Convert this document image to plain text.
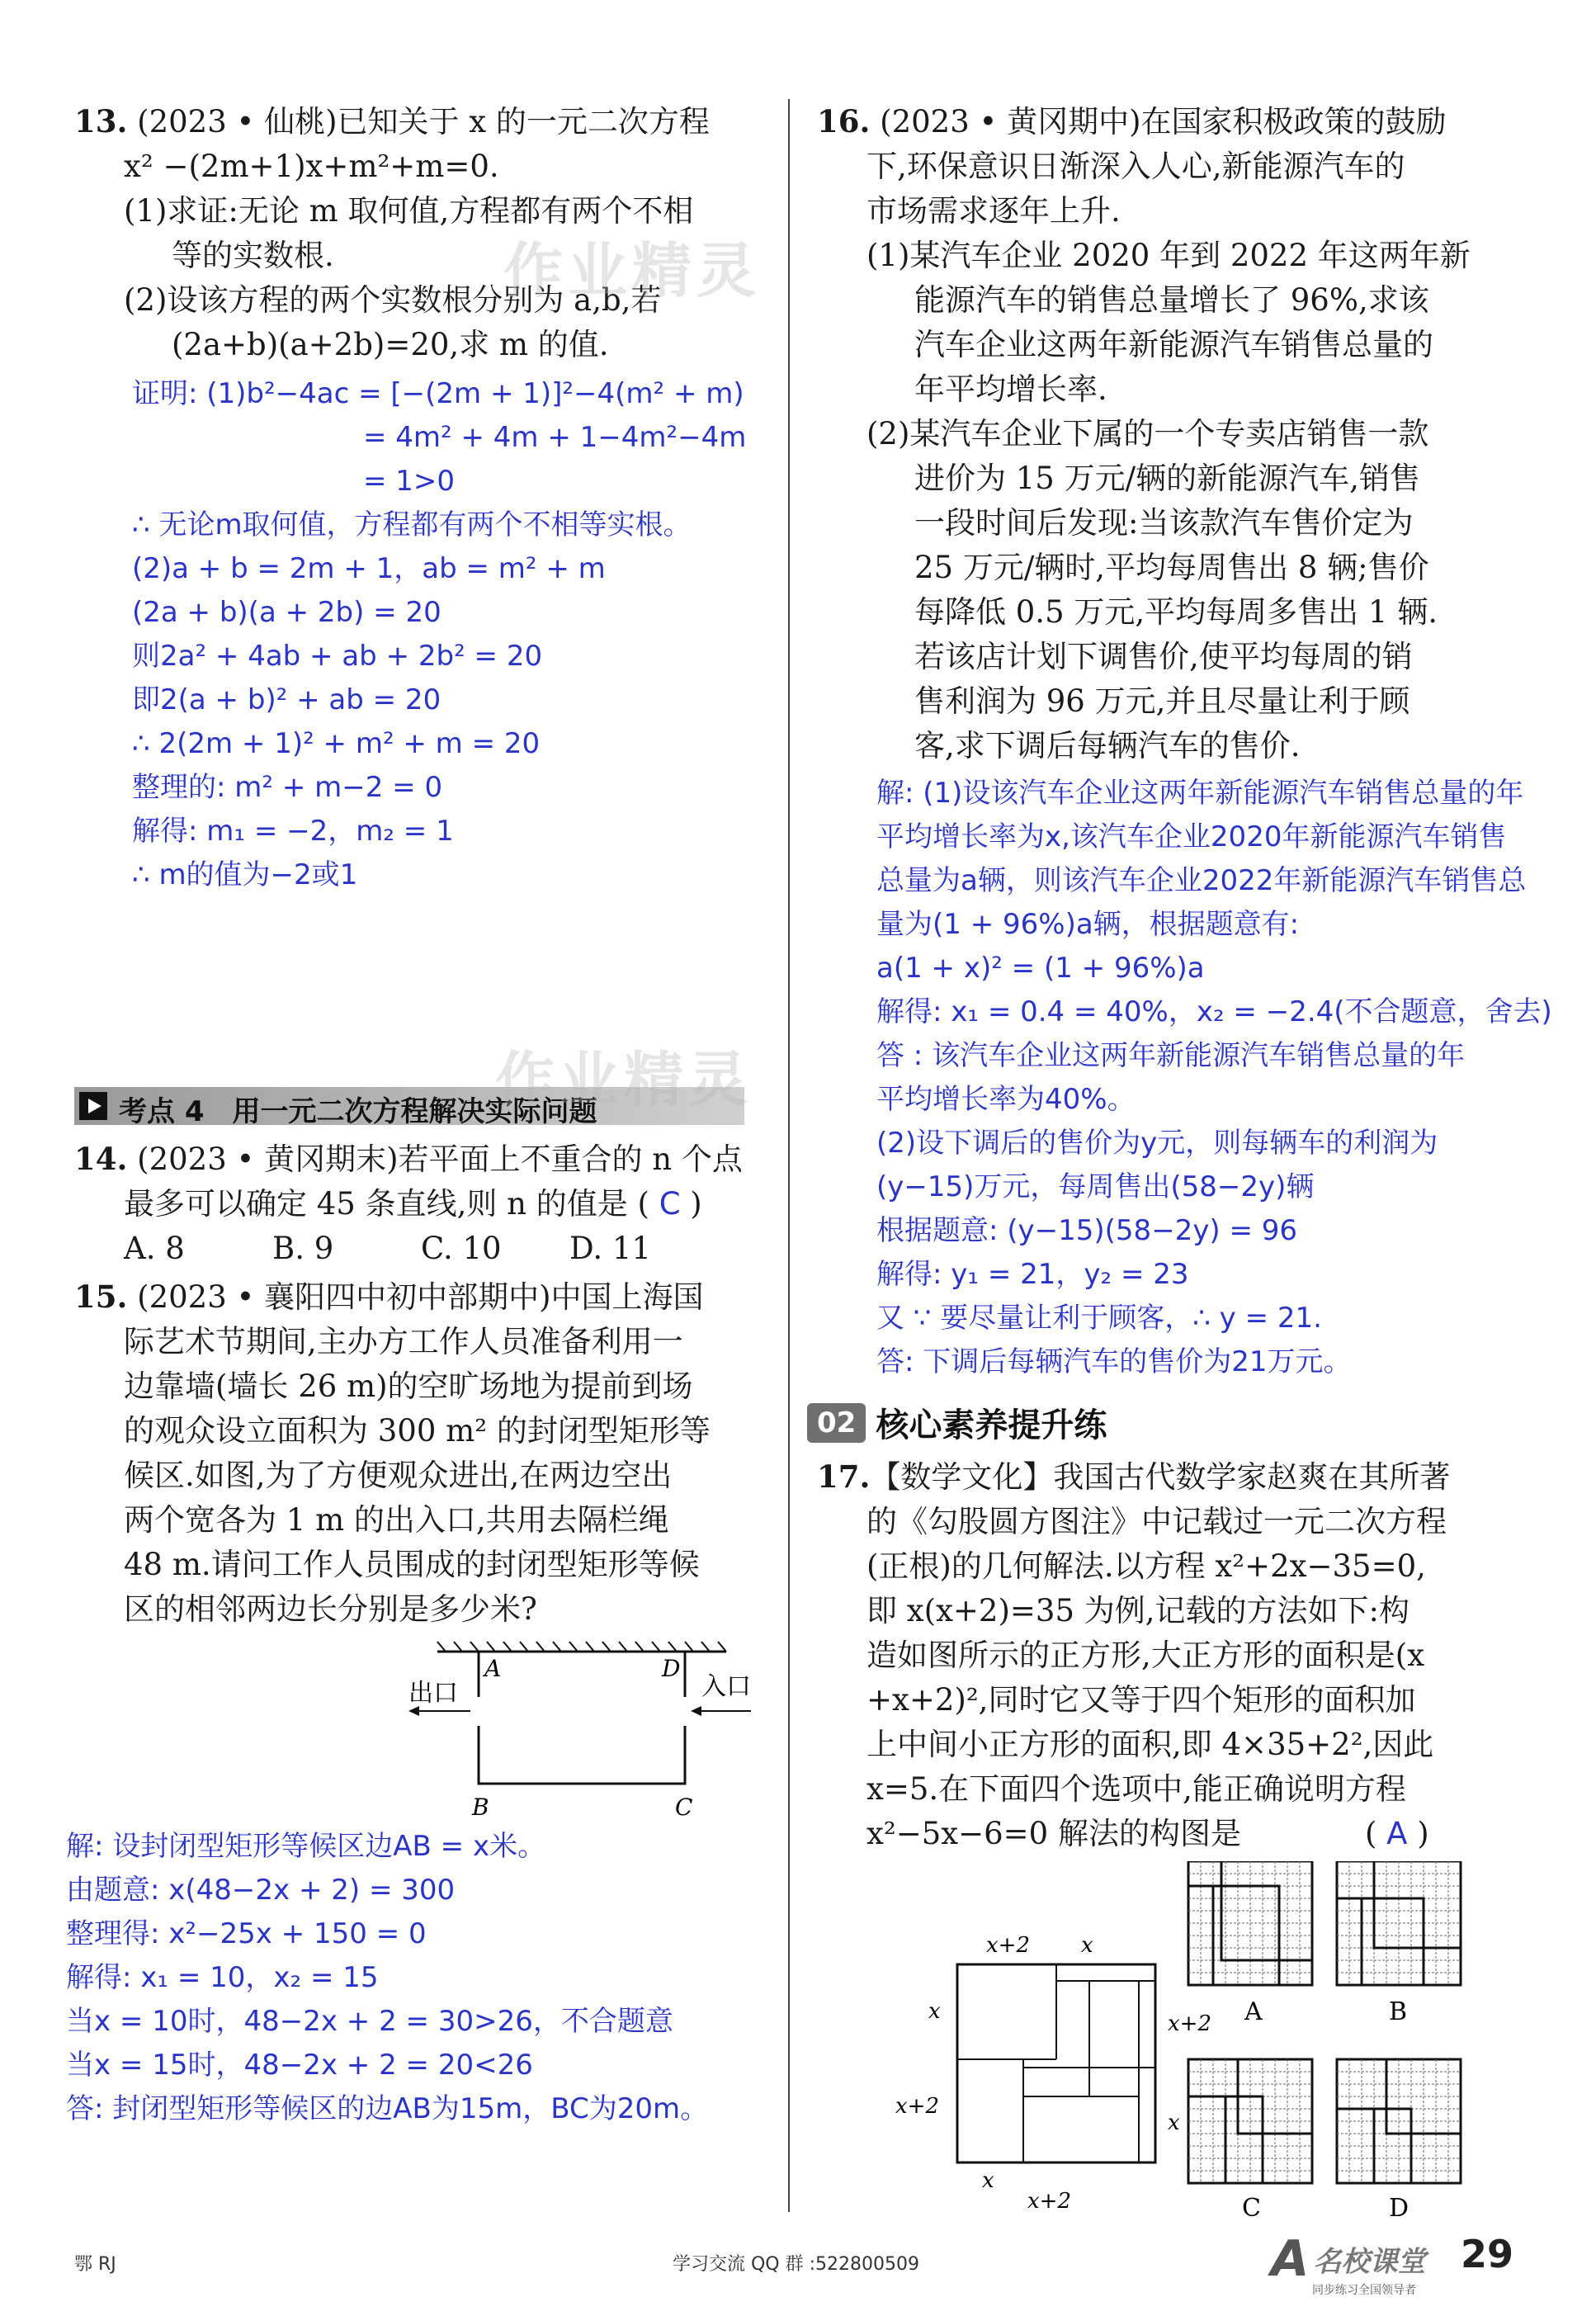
13. (2023 • 仙桃)已知关于 x 的一元二次方程

x² −(2m+1)x+m²+m=0.

(1)求证:无论 m 取何值,方程都有两个不相

等的实数根.

(2)设该方程的两个实数根分别为 a,b,若

(2a+b)(a+2b)=20,求 m 的值.

证明: (1)b²−4ac = [−(2m + 1)]²−4(m² + m)

= 4m² + 4m + 1−4m²−4m

= 1>0

∴ 无论m取何值，方程都有两个不相等实根。

(2)a + b = 2m + 1，ab = m² + m

(2a + b)(a + 2b) = 20

则2a² + 4ab + ab + 2b² = 20

即2(a + b)² + ab = 20

∴ 2(2m + 1)² + m² + m = 20

整理的: m² + m−2 = 0

解得: m₁ = −2，m₂ = 1

∴ m的值为−2或1

考点 4　用一元二次方程解决实际问题

14. (2023 • 黄冈期末)若平面上不重合的 n 个点

最多可以确定 45 条直线,则 n 的值是 ( C )

A. 8	B. 9	C. 10	D. 11

15. (2023 • 襄阳四中初中部期中)中国上海国

际艺术节期间,主办方工作人员准备利用一

边靠墙(墙长 26 m)的空旷场地为提前到场

的观众设立面积为 300 m² 的封闭型矩形等

候区.如图,为了方便观众进出,在两边空出

两个宽各为 1 m 的出入口,共用去隔栏绳

48 m.请问工作人员围成的封闭型矩形等候

区的相邻两边长分别是多少米?

A	D
B	C
出口	入口

解: 设封闭型矩形等候区边AB = x米。

由题意: x(48−2x + 2) = 300

整理得: x²−25x + 150 = 0

解得: x₁ = 10，x₂ = 15

当x = 10时，48−2x + 2 = 30>26，不合题意

当x = 15时，48−2x + 2 = 20<26

答: 封闭型矩形等候区的边AB为15m，BC为20m。

16. (2023 • 黄冈期中)在国家积极政策的鼓励

下,环保意识日渐深入人心,新能源汽车的

市场需求逐年上升.

(1)某汽车企业 2020 年到 2022 年这两年新

能源汽车的销售总量增长了 96%,求该

汽车企业这两年新能源汽车销售总量的

年平均增长率.

(2)某汽车企业下属的一个专卖店销售一款

进价为 15 万元/辆的新能源汽车,销售

一段时间后发现:当该款汽车售价定为

25 万元/辆时,平均每周售出 8 辆;售价

每降低 0.5 万元,平均每周多售出 1 辆.

若该店计划下调售价,使平均每周的销

售利润为 96 万元,并且尽量让利于顾

客,求下调后每辆汽车的售价.

解: (1)设该汽车企业这两年新能源汽车销售总量的年

平均增长率为x,该汽车企业2020年新能源汽车销售

总量为a辆，则该汽车企业2022年新能源汽车销售总

量为(1 + 96%)a辆，根据题意有:

a(1 + x)² = (1 + 96%)a

解得: x₁ = 0.4 = 40%，x₂ = −2.4(不合题意，舍去)

答 : 该汽车企业这两年新能源汽车销售总量的年

平均增长率为40%。

(2)设下调后的售价为y元，则每辆车的利润为

(y−15)万元，每周售出(58−2y)辆

根据题意: (y−15)(58−2y) = 96

解得: y₁ = 21，y₂ = 23

又 ∵ 要尽量让利于顾客，∴ y = 21.

答: 下调后每辆汽车的售价为21万元。

02 核心素养提升练

17.【数学文化】我国古代数学家赵爽在其所著

的《勾股圆方图注》中记载过一元二次方程

(正根)的几何解法.以方程 x²+2x−35=0,

即 x(x+2)=35 为例,记载的方法如下:构

造如图所示的正方形,大正方形的面积是(x

+x+2)²,同时它又等于四个矩形的面积加

上中间小正方形的面积,即 4×35+2²,因此

x=5.在下面四个选项中,能正确说明方程

x²−5x−6=0 解法的构图是	( A )

x+2 x
x	x+2
x+2
x
x
x+2
A	B
C	D
作业精灵
作业精灵
鄂 RJ	学习交流 QQ 群 :522800509	A 名校课堂
同步练习全国领导者
29
